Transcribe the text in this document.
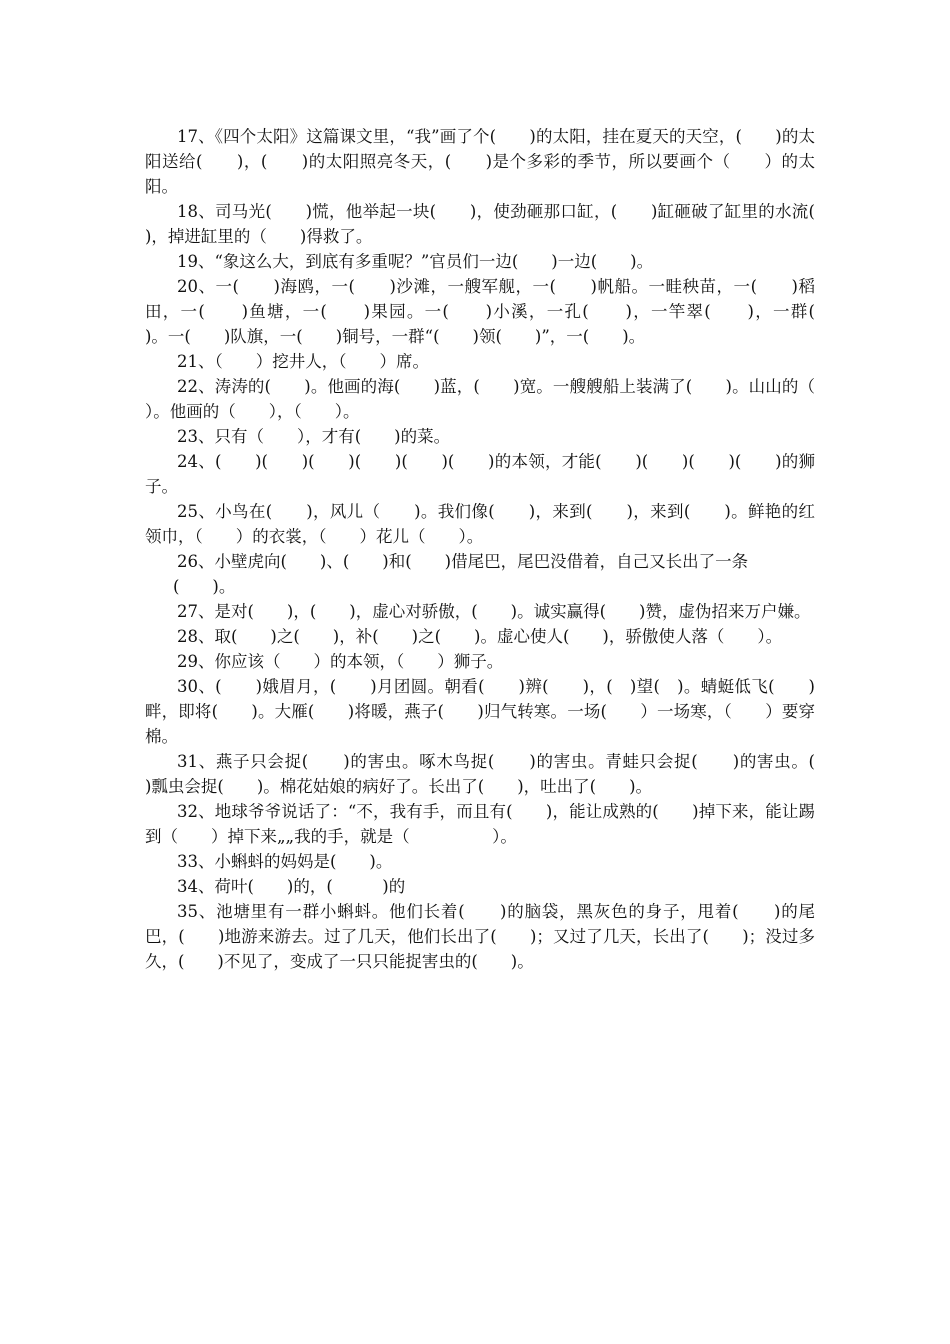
17、《四个太阳》这篇课文里，“我”画了个(　　)的太阳，挂在夏天的天空，(　　)的太阳送给(　　)，(　　)的太阳照亮冬天，(　　)是个多彩的季节，所以要画个（　　）的太阳。

18、司马光(　　)慌，他举起一块(　　)，使劲砸那口缸，(　　)缸砸破了缸里的水流(　　)，掉进缸里的（　　)得救了。

19、“象这么大，到底有多重呢？”官员们一边(　　)一边(　　)。

20、一(　　)海鸥，一(　　)沙滩，一艘军舰，一(　　)帆船。一畦秧苗，一(　　)稻田，一(　　)鱼塘，一(　　)果园。一(　　)小溪，一孔(　　)，一竿翠(　　)，一群(　　)。一(　　)队旗，一(　　)铜号，一群“(　　)领(　　)”，一(　　)。

21、（　　）挖井人，（　　）席。

22、涛涛的(　　)。他画的海(　　)蓝，(　　)宽。一艘艘船上装满了(　　)。山山的（　　）。他画的（　　），（　　）。

23、只有（　　），才有(　　)的菜。

24、(　　)(　　)(　　)(　　)(　　)(　　)的本领，才能(　　)(　　)(　　)(　　)的狮子。

25、小鸟在(　　)，风儿（　　)。我们像(　　)，来到(　　)，来到(　　)。鲜艳的红领巾，（　　）的衣裳，（　　）花儿（　　）。

26、小壁虎向(　　)、(　　)和(　　)借尾巴，尾巴没借着，自己又长出了一条

(　　)。

27、是对(　　)，(　　)，虚心对骄傲，(　　)。诚实赢得(　　)赞，虚伪招来万户嫌。

28、取(　　)之(　　)，补(　　)之(　　)。虚心使人(　　)，骄傲使人落（　　）。

29、你应该（　　）的本领，（　　）狮子。

30、(　　)娥眉月，(　　)月团圆。朝看(　　)辨(　　)，(　)望(　)。蜻蜓低飞(　　)畔，即将(　　)。大雁(　　)将暖，燕子(　　)归气转寒。一场(　　）一场寒，（　　）要穿棉。

31、燕子只会捉(　　)的害虫。啄木鸟捉(　　)的害虫。青蛙只会捉(　　)的害虫。(　　)瓢虫会捉(　　)。棉花姑娘的病好了。长出了(　　)，吐出了(　　)。

32、地球爷爷说话了：“不，我有手，而且有(　　)，能让成熟的(　　)掉下来，能让踢到（　　）掉下来„„我的手，就是（　　　　　）。

33、小蝌蚪的妈妈是(　　)。

34、荷叶(　　)的，(　　　)的

35、池塘里有一群小蝌蚪。他们长着(　　)的脑袋，黑灰色的身子，甩着(　　)的尾巴，(　　)地游来游去。过了几天，他们长出了(　　)；又过了几天，长出了(　　)；没过多久，(　　)不见了，变成了一只只能捉害虫的(　　)。
